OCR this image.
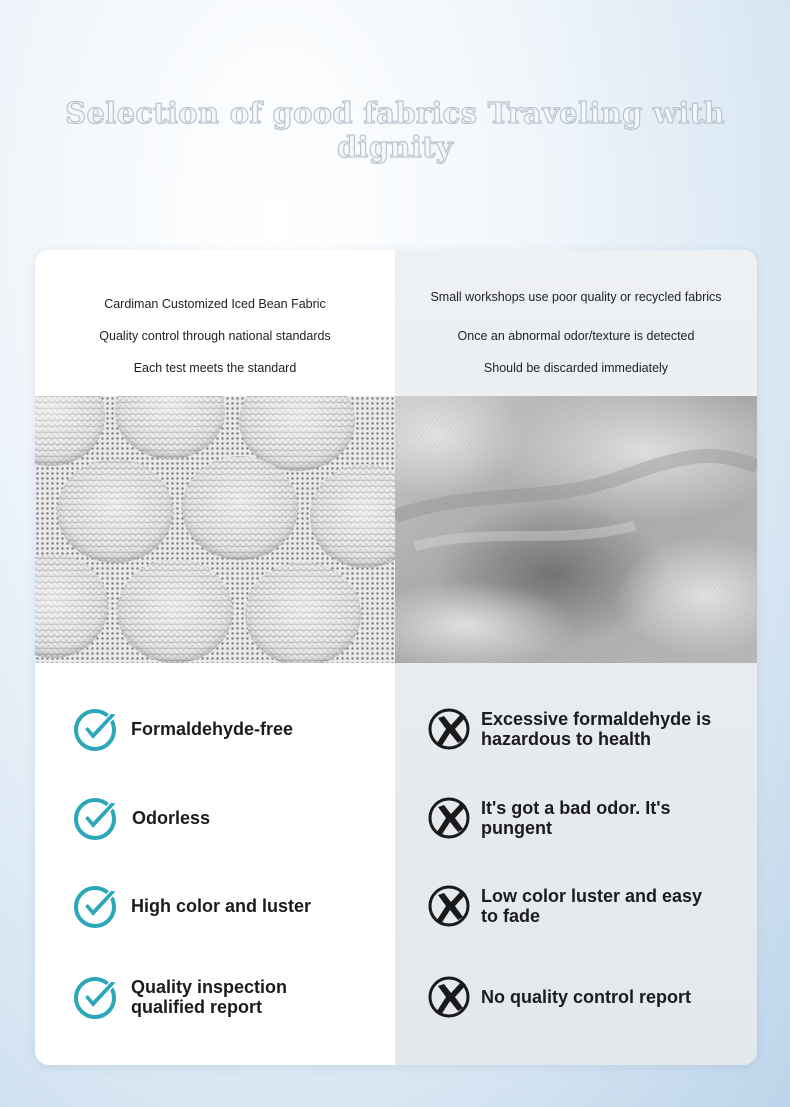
Selection of good fabrics Traveling with
dignity
Cardiman Customized Iced Bean Fabric
Quality control through national standards
Each test meets the standard
Small workshops use poor quality or recycled fabrics
Once an abnormal odor/texture is detected
Should be discarded immediately
Formaldehyde-free
Odorless
High color and luster
Quality inspection qualified report
Excessive formaldehyde is hazardous to health
It's got a bad odor. It's pungent
Low color luster and easy to fade
No quality control report
